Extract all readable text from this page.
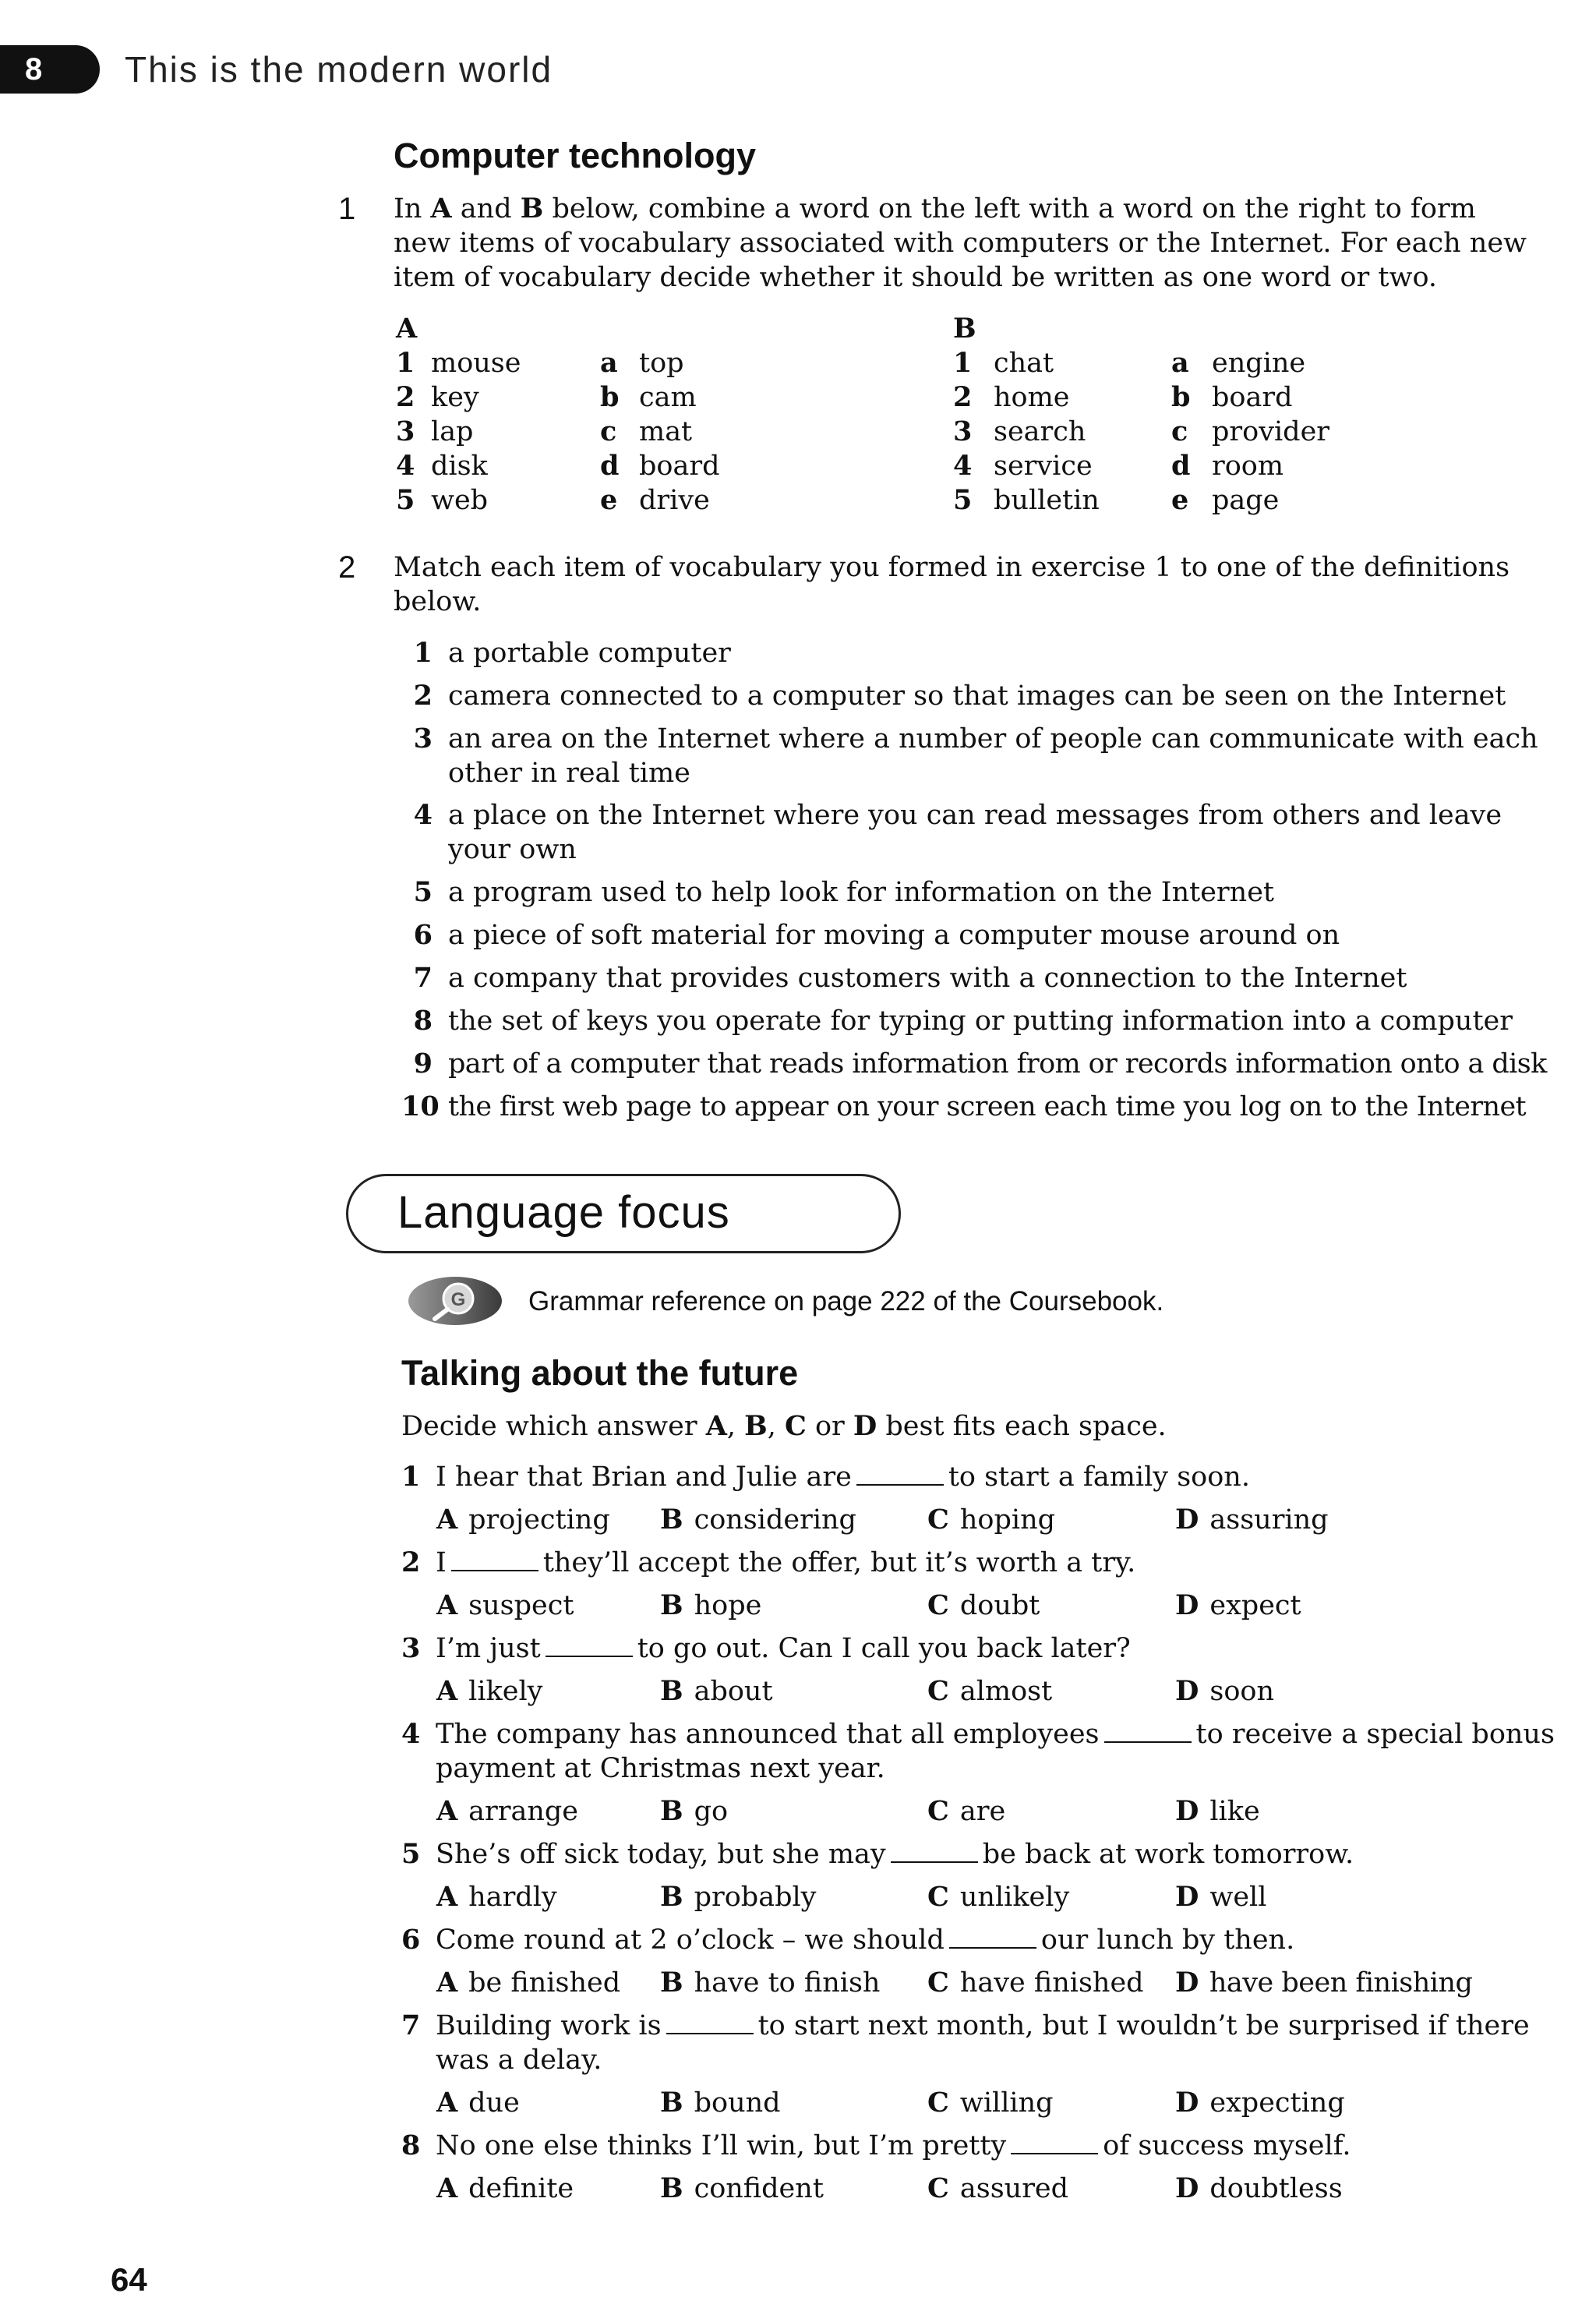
8	This is the modern world
Computer technology
1 In A and B below, combine a word on the left with a word on the right to form new items of vocabulary associated with computers or the Internet. For each new item of vocabulary decide whether it should be written as one word or two.
A	B
1 mouse	a top
2 key	b cam
3 lap	c mat
4 disk	d board
5 web	e drive
1 chat	a engine
2 home	b board
3 search	c provider
4 service	d room
5 bulletin	e page
2 Match each item of vocabulary you formed in exercise 1 to one of the definitions below.
1 a portable computer
2 camera connected to a computer so that images can be seen on the Internet
3 an area on the Internet where a number of people can communicate with each other in real time
4 a place on the Internet where you can read messages from others and leave your own
5 a program used to help look for information on the Internet
6 a piece of soft material for moving a computer mouse around on
7 a company that provides customers with a connection to the Internet
8 the set of keys you operate for typing or putting information into a computer
9 part of a computer that reads information from or records information onto a disk
10 the first web page to appear on your screen each time you log on to the Internet
Language focus
G Grammar reference on page 222 of the Coursebook.
Talking about the future
Decide which answer A, B, C or D best fits each space.
1 I hear that Brian and Julie are	to start a family soon.
A projecting B considering	C hoping	D assuring
2 I	they’ll accept the offer, but it’s worth a try.
A suspect	B hope	C doubt	D expect
3 I’m just	to go out. Can I call you back later?
A likely	B about	C almost	D soon
4 The company has announced that all employees	to receive a special bonus payment at Christmas next year.
A arrange	B go	C are	D like
5 She’s off sick today, but she may	be back at work tomorrow.
A hardly	B probably	C unlikely	D well
6 Come round at 2 o’clock – we should	our lunch by then.
A be finished B have to finish C have finished D have been finishing
7 Building work is	to start next month, but I wouldn’t be surprised if there was a delay.
A due	B bound	C willing	D expecting
8 No one else thinks I’ll win, but I’m pretty	of success myself.
A definite	B confident	C assured	D doubtless
64
